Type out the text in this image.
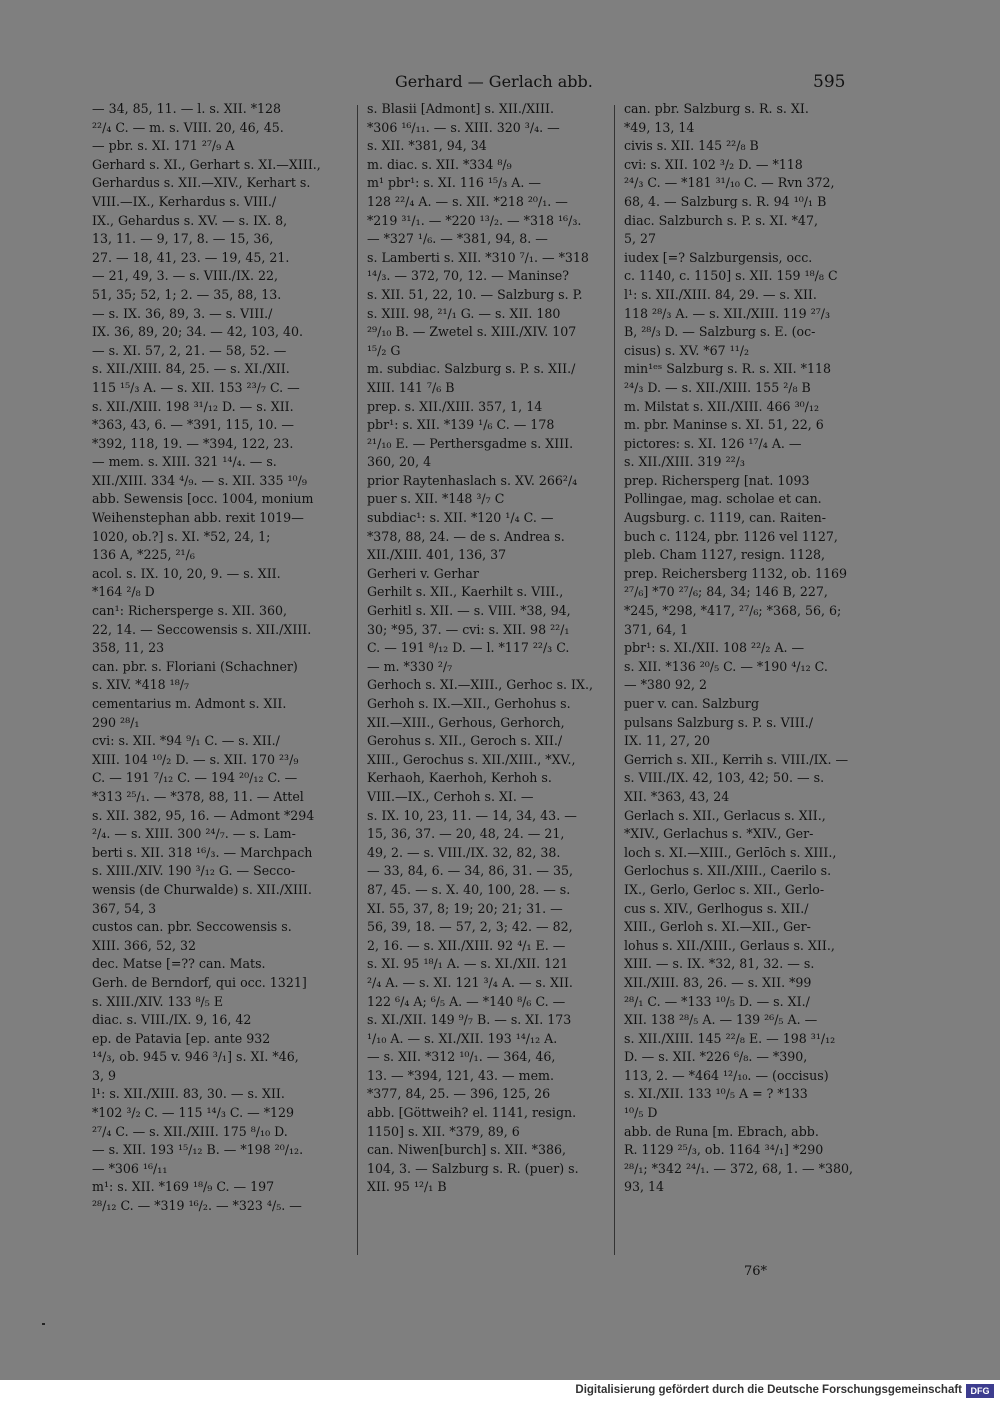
Gerhard — Gerlach abb.	595

— 34, 85, 11. — l. s. XII. *128

²²/₄ C. — m. s. VIII. 20, 46, 45.

— pbr. s. XI. 171 ²⁷/₉ A

Gerhard s. XI., Gerhart s. XI.—XIII.,

Gerhardus s. XII.—XIV., Kerhart s.

VIII.—IX., Kerhardus s. VIII./

IX., Gehardus s. XV. — s. IX. 8,

13, 11. — 9, 17, 8. — 15, 36,

27. — 18, 41, 23. — 19, 45, 21.

— 21, 49, 3. — s. VIII./IX. 22,

51, 35; 52, 1; 2. — 35, 88, 13.

— s. IX. 36, 89, 3. — s. VIII./

IX. 36, 89, 20; 34. — 42, 103, 40.

— s. XI. 57, 2, 21. — 58, 52. —

s. XII./XIII. 84, 25. — s. XI./XII.

115 ¹⁵/₃ A. — s. XII. 153 ²³/₇ C. —

s. XII./XIII. 198 ³¹/₁₂ D. — s. XII.

*363, 43, 6. — *391, 115, 10. —

*392, 118, 19. — *394, 122, 23.

— mem. s. XIII. 321 ¹⁴/₄. — s.

XII./XIII. 334 ⁴/₉. — s. XII. 335 ¹⁰/₉

abb. Sewensis [occ. 1004, monium

Weihenstephan abb. rexit 1019—

1020, ob.?] s. XI. *52, 24, 1;

136 A, *225, ²¹/₆

acol. s. IX. 10, 20, 9. — s. XII.

*164 ²/₈ D

can¹: Richersperge s. XII. 360,

22, 14. — Seccowensis s. XII./XIII.

358, 11, 23

can. pbr. s. Floriani (Schachner)

s. XIV. *418 ¹⁸/₇

cementarius m. Admont s. XII.

290 ²⁸/₁

cvi: s. XII. *94 ⁹/₁ C. — s. XII./

XIII. 104 ¹⁰/₂ D. — s. XII. 170 ²³/₉

C. — 191 ⁷/₁₂ C. — 194 ²⁰/₁₂ C. —

*313 ²⁵/₁. — *378, 88, 11. — Attel

s. XII. 382, 95, 16. — Admont *294

²/₄. — s. XIII. 300 ²⁴/₇. — s. Lam-

berti s. XII. 318 ¹⁶/₃. — Marchpach

s. XIII./XIV. 190 ³/₁₂ G. — Secco-

wensis (de Churwalde) s. XII./XIII.

367, 54, 3

custos can. pbr. Seccowensis s.

XIII. 366, 52, 32

dec. Matse [=?? can. Mats.

Gerh. de Berndorf, qui occ. 1321]

s. XIII./XIV. 133 ⁸/₅ E

diac. s. VIII./IX. 9, 16, 42

ep. de Patavia [ep. ante 932

¹⁴/₃, ob. 945 v. 946 ³/₁] s. XI. *46,

3, 9

l¹: s. XII./XIII. 83, 30. — s. XII.

*102 ³/₂ C. — 115 ¹⁴/₃ C. — *129

²⁷/₄ C. — s. XII./XIII. 175 ⁸/₁₀ D.

— s. XII. 193 ¹⁵/₁₂ B. — *198 ²⁰/₁₂.

— *306 ¹⁶/₁₁

m¹: s. XII. *169 ¹⁸/₉ C. — 197

²⁸/₁₂ C. — *319 ¹⁶/₂. — *323 ⁴/₅. —

s. Blasii [Admont] s. XII./XIII.

*306 ¹⁶/₁₁. — s. XIII. 320 ³/₄. —

s. XII. *381, 94, 34

m. diac. s. XII. *334 ⁸/₉

m¹ pbr¹: s. XI. 116 ¹⁵/₃ A. —

128 ²²/₄ A. — s. XII. *218 ²⁰/₁. —

*219 ³¹/₁. — *220 ¹³/₂. — *318 ¹⁶/₃.

— *327 ¹/₆. — *381, 94, 8. —

s. Lamberti s. XII. *310 ⁷/₁. — *318

¹⁴/₃. — 372, 70, 12. — Maninse?

s. XII. 51, 22, 10. — Salzburg s. P.

s. XIII. 98, ²¹/₁ G. — s. XII. 180

²⁹/₁₀ B. — Zwetel s. XIII./XIV. 107

¹⁵/₂ G

m. subdiac. Salzburg s. P. s. XII./

XIII. 141 ⁷/₆ B

prep. s. XII./XIII. 357, 1, 14

pbr¹: s. XII. *139 ¹/₆ C. — 178

²¹/₁₀ E. — Perthersgadme s. XIII.

360, 20, 4

prior Raytenhaslach s. XV. 266²/₄

puer s. XII. *148 ³/₇ C

subdiac¹: s. XII. *120 ¹/₄ C. —

*378, 88, 24. — de s. Andrea s.

XII./XIII. 401, 136, 37

Gerheri v. Gerhar

Gerhilt s. XII., Kaerhilt s. VIII.,

Gerhitl s. XII. — s. VIII. *38, 94,

30; *95, 37. — cvi: s. XII. 98 ²²/₁

C. — 191 ⁸/₁₂ D. — l. *117 ²²/₃ C.

— m. *330 ²/₇

Gerhoch s. XI.—XIII., Gerhoc s. IX.,

Gerhoh s. IX.—XII., Gerhohus s.

XII.—XIII., Gerhous, Gerhorch,

Gerohus s. XII., Geroch s. XII./

XIII., Gerochus s. XII./XIII., *XV.,

Kerhaoh, Kaerhoh, Kerhoh s.

VIII.—IX., Cerhoh s. XI. —

s. IX. 10, 23, 11. — 14, 34, 43. —

15, 36, 37. — 20, 48, 24. — 21,

49, 2. — s. VIII./IX. 32, 82, 38.

— 33, 84, 6. — 34, 86, 31. — 35,

87, 45. — s. X. 40, 100, 28. — s.

XI. 55, 37, 8; 19; 20; 21; 31. —

56, 39, 18. — 57, 2, 3; 42. — 82,

2, 16. — s. XII./XIII. 92 ⁴/₁ E. —

s. XI. 95 ¹⁸/₁ A. — s. XI./XII. 121

²/₄ A. — s. XI. 121 ³/₄ A. — s. XII.

122 ⁶/₄ A; ⁶/₅ A. — *140 ⁸/₆ C. —

s. XI./XII. 149 ⁹/₇ B. — s. XI. 173

¹/₁₀ A. — s. XI./XII. 193 ¹⁴/₁₂ A.

— s. XII. *312 ¹⁰/₁. — 364, 46,

13. — *394, 121, 43. — mem.

*377, 84, 25. — 396, 125, 26

abb. [Göttweih? el. 1141, resign.

1150] s. XII. *379, 89, 6

can. Niwen[burch] s. XII. *386,

104, 3. — Salzburg s. R. (puer) s.

XII. 95 ¹²/₁ B

can. pbr. Salzburg s. R. s. XI.

*49, 13, 14

civis s. XII. 145 ²²/₈ B

cvi: s. XII. 102 ³/₂ D. — *118

²⁴/₃ C. — *181 ³¹/₁₀ C. — Rvn 372,

68, 4. — Salzburg s. R. 94 ¹⁰/₁ B

diac. Salzburch s. P. s. XI. *47,

5, 27

iudex [=? Salzburgensis, occ.

c. 1140, c. 1150] s. XII. 159 ¹⁸/₈ C

l¹: s. XII./XIII. 84, 29. — s. XII.

118 ²⁸/₃ A. — s. XII./XIII. 119 ²⁷/₃

B, ²⁸/₃ D. — Salzburg s. E. (oc-

cisus) s. XV. *67 ¹¹/₂

min¹ᵉˢ Salzburg s. R. s. XII. *118

²⁴/₃ D. — s. XII./XIII. 155 ²/₈ B

m. Milstat s. XII./XIII. 466 ³⁰/₁₂

m. pbr. Maninse s. XI. 51, 22, 6

pictores: s. XI. 126 ¹⁷/₄ A. —

s. XII./XIII. 319 ²²/₃

prep. Richersperg [nat. 1093

Pollingae, mag. scholae et can.

Augsburg. c. 1119, can. Raiten-

buch c. 1124, pbr. 1126 vel 1127,

pleb. Cham 1127, resign. 1128,

prep. Reichersberg 1132, ob. 1169

²⁷/₆] *70 ²⁷/₆; 84, 34; 146 B, 227,

*245, *298, *417, ²⁷/₆; *368, 56, 6;

371, 64, 1

pbr¹: s. XI./XII. 108 ²²/₂ A. —

s. XII. *136 ²⁰/₅ C. — *190 ⁴/₁₂ C.

— *380 92, 2

puer v. can. Salzburg

pulsans Salzburg s. P. s. VIII./

IX. 11, 27, 20

Gerrich s. XII., Kerrih s. VIII./IX. —

s. VIII./IX. 42, 103, 42; 50. — s.

XII. *363, 43, 24

Gerlach s. XII., Gerlacus s. XII.,

*XIV., Gerlachus s. *XIV., Ger-

loch s. XI.—XIII., Gerlōch s. XIII.,

Gerlochus s. XII./XIII., Caerilo s.

IX., Gerlo, Gerloc s. XII., Gerlo-

cus s. XIV., Gerlhogus s. XII./

XIII., Gerloh s. XI.—XII., Ger-

lohus s. XII./XIII., Gerlaus s. XII.,

XIII. — s. IX. *32, 81, 32. — s.

XII./XIII. 83, 26. — s. XII. *99

²⁸/₁ C. — *133 ¹⁰/₅ D. — s. XI./

XII. 138 ²⁸/₅ A. — 139 ²⁶/₅ A. —

s. XII./XIII. 145 ²²/₈ E. — 198 ³¹/₁₂

D. — s. XII. *226 ⁶/₈. — *390,

113, 2. — *464 ¹²/₁₀. — (occisus)

s. XI./XII. 133 ¹⁰/₅ A = ? *133

¹⁰/₅ D

abb. de Runa [m. Ebrach, abb.

R. 1129 ²⁵/₃, ob. 1164 ³⁴/₁] *290

²⁸/₁; *342 ²⁴/₁. — 372, 68, 1. — *380,

93, 14

76*
Digitalisierung gefördert durch die Deutsche Forschungsgemeinschaft DFG
